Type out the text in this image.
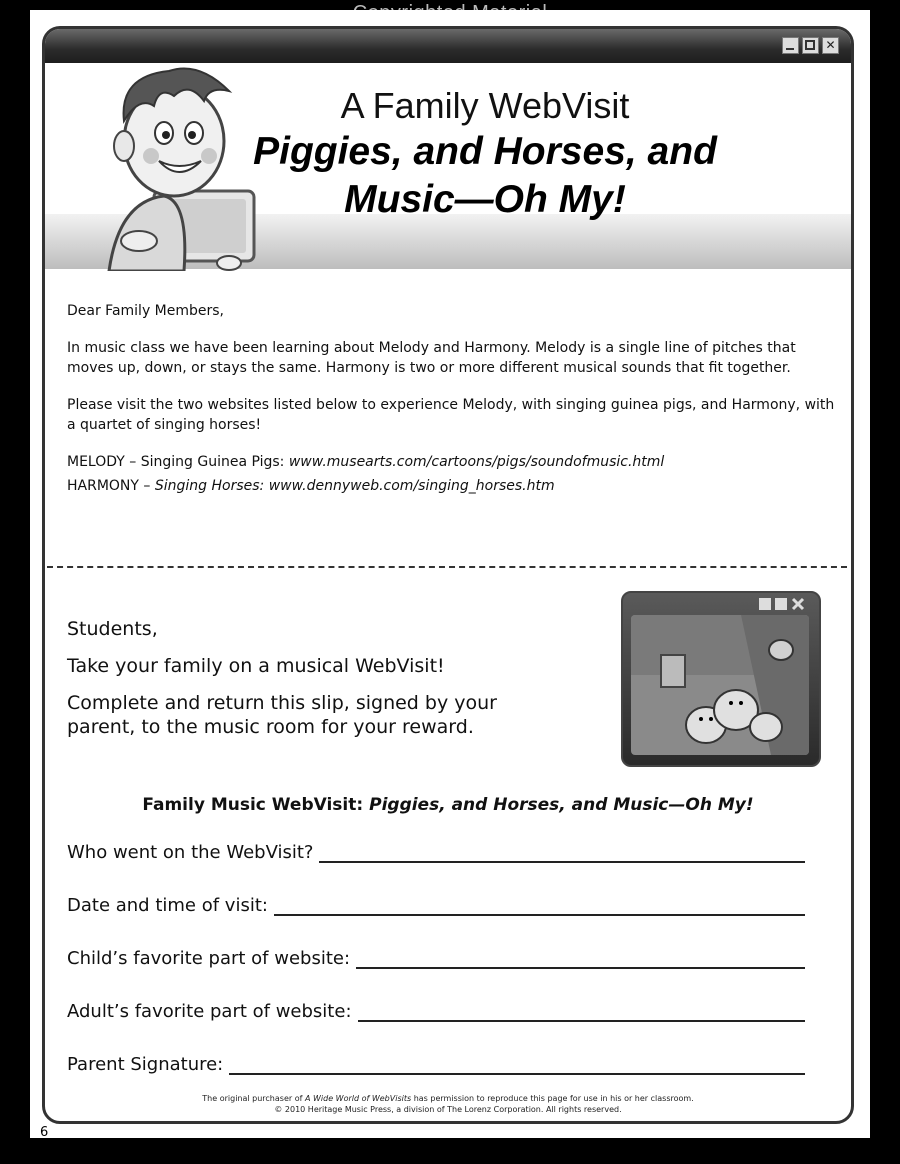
✕
A Family WebVisit
Piggies, and Horses, and
Music—Oh My!

Dear Family Members,

In music class we have been learning about Melody and Harmony. Melody is a single line of pitches that moves up, down, or stays the same. Harmony is two or more different musical sounds that fit together.

Please visit the two websites listed below to experience Melody, with singing guinea pigs, and Harmony, with a quartet of singing horses!

MELODY – Singing Guinea Pigs: www.musearts.com/cartoons/pigs/soundofmusic.html

HARMONY – Singing Horses: www.dennyweb.com/singing_horses.htm

Students,

Take your family on a musical WebVisit!

Complete and return this slip, signed by your parent, to the music room for your reward.

Family Music WebVisit: Piggies, and Horses, and Music—Oh My!
Who went on the WebVisit?
Date and time of visit:
Child’s favorite part of website:
Adult’s favorite part of website:
Parent Signature:
The original purchaser of A Wide World of WebVisits has permission to reproduce this page for use in his or her classroom.
© 2010 Heritage Music Press, a division of The Lorenz Corporation. All rights reserved.
6
